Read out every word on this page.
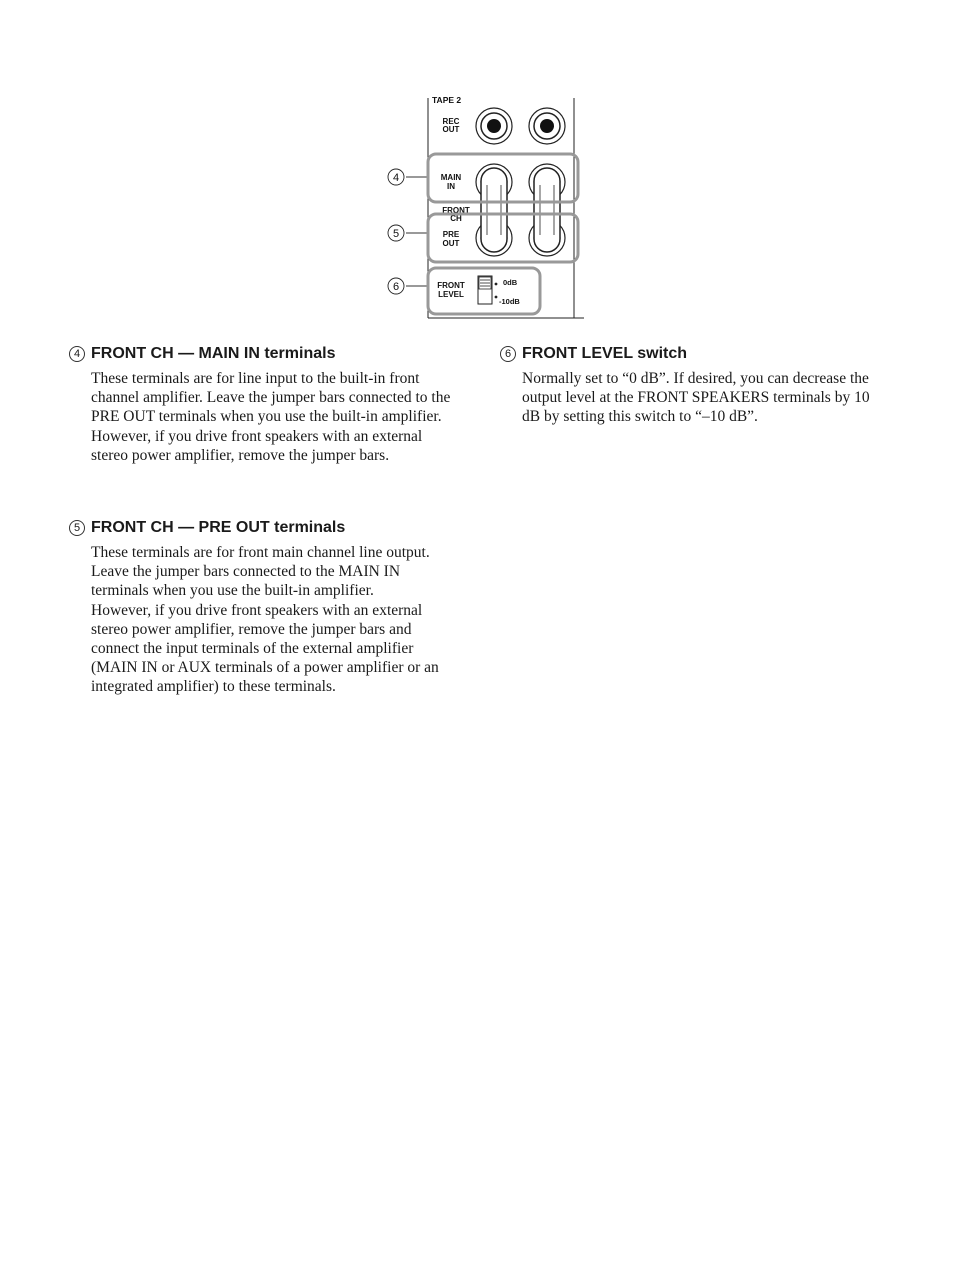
TAPE 2
REC
OUT
MAIN
IN
FRONT
CH
PRE
OUT
FRONT
LEVEL
0dB
-10dB
4
5
6
4 FRONT CH — MAIN IN terminals

These terminals are for line input to the built-in front channel amplifier. Leave the jumper bars connected to the PRE OUT terminals when you use the built-in amplifier.

However, if you drive front speakers with an external stereo power amplifier, remove the jumper bars.

5 FRONT CH — PRE OUT terminals

These terminals are for front main channel line output. Leave the jumper bars connected to the MAIN IN terminals when you use the built-in amplifier.

However, if you drive front speakers with an external stereo power amplifier, remove the jumper bars and connect the input terminals of the external amplifier (MAIN IN or AUX terminals of a power amplifier or an integrated amplifier) to these terminals.

6 FRONT LEVEL switch

Normally set to “0 dB”. If desired, you can decrease the output level at the FRONT SPEAKERS terminals by 10 dB by setting this switch to “–10 dB”.
